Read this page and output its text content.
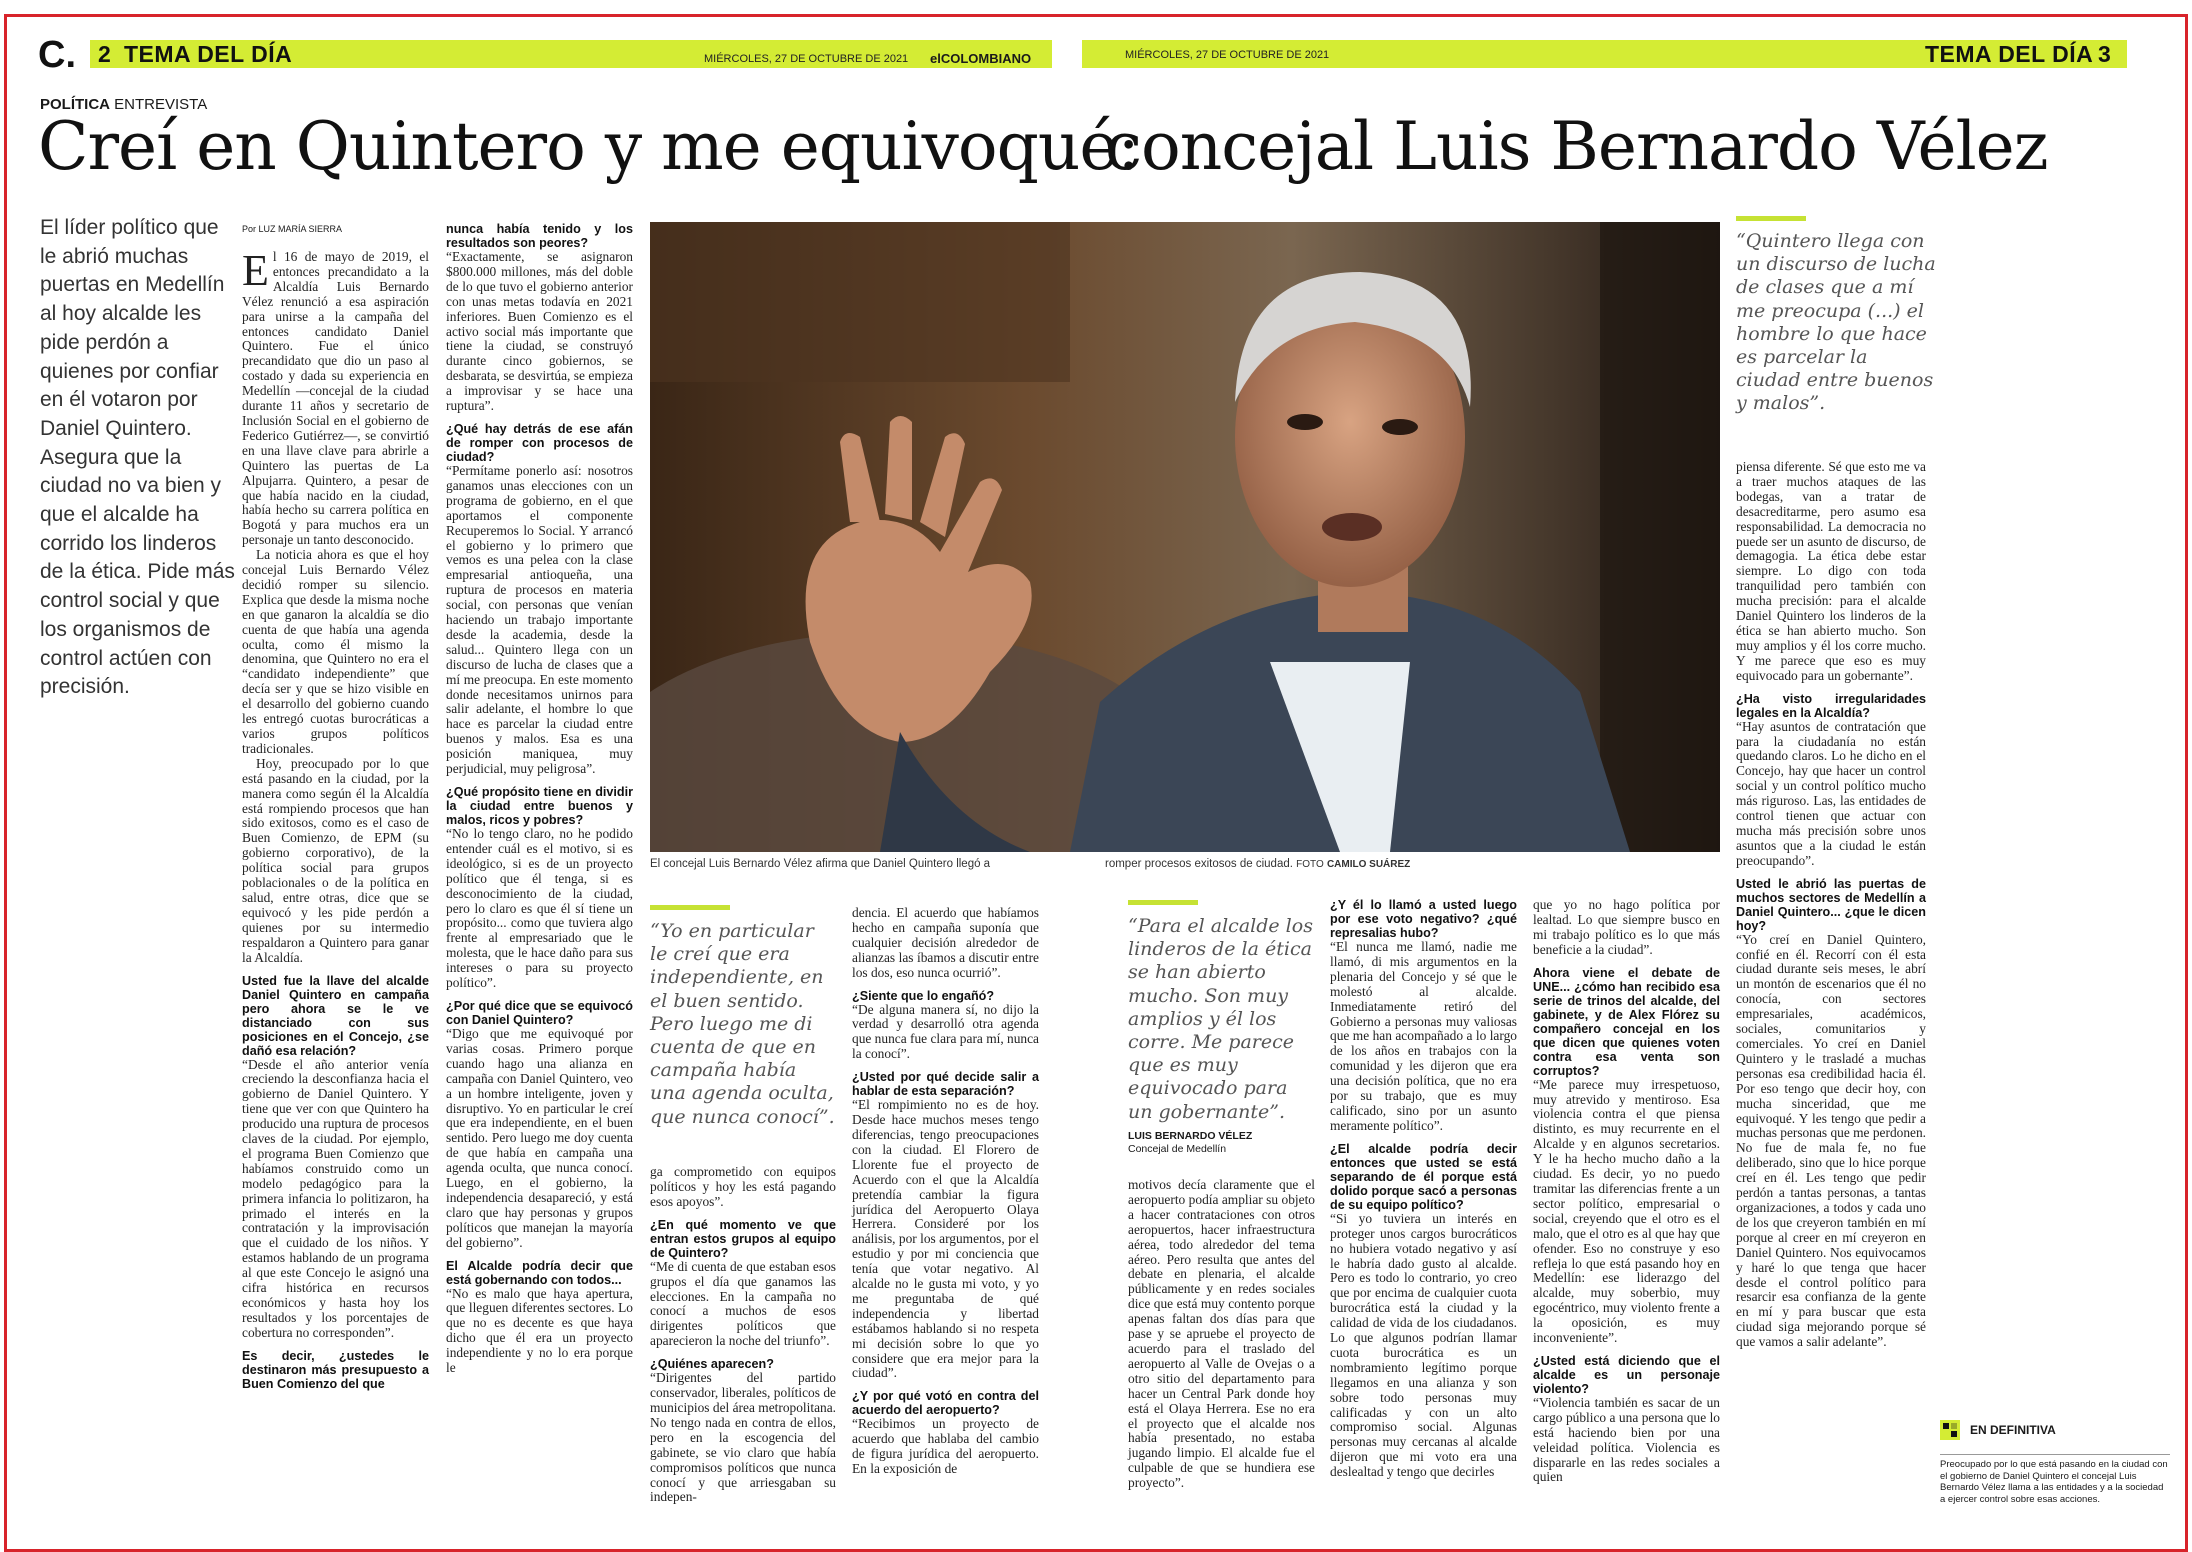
C. 2 TEMA DEL DÍA	MIÉRCOLES, 27 DE OCTUBRE DE 2021 elCOLOMBIANO	MIÉRCOLES, 27 DE OCTUBRE DE 2021	TEMA DEL DÍA 3
POLÍTICA ENTREVISTA
Creí en Quintero y me equivoqué:
concejal Luis Bernardo Vélez
El líder político que le abrió muchas puertas en Medellín al hoy alcalde les pide perdón a quienes por confiar en él votaron por Daniel Quintero. Asegura que la ciudad no va bien y que el alcalde ha corrido los linderos de la ética. Pide más control social y que los organismos de control actúen con precisión.
Por LUZ MARÍA SIERRA

El 16 de mayo de 2019, el entonces precandidato a la Alcaldía Luis Bernardo Vélez renunció a esa aspiración para unirse a la campaña del entonces candidato Daniel Quintero. Fue el único precandidato que dio un paso al costado y dada su experiencia en Medellín —concejal de la ciudad durante 11 años y secretario de Inclusión Social en el gobierno de Federico Gutiérrez—, se convirtió en una llave clave para abrirle a Quintero las puertas de La Alpujarra. Quintero, a pesar de que había nacido en la ciudad, había hecho su carrera política en Bogotá y para muchos era un personaje un tanto desconocido.

La noticia ahora es que el hoy concejal Luis Bernardo Vélez decidió romper su silencio. Explica que desde la misma noche en que ganaron la alcaldía se dio cuenta de que había una agenda oculta, como él mismo la denomina, que Quintero no era el “candidato independiente” que decía ser y que se hizo visible en el desarrollo del gobierno cuando les entregó cuotas burocráticas a varios grupos políticos tradicionales.

Hoy, preocupado por lo que está pasando en la ciudad, por la manera como según él la Alcaldía está rompiendo procesos que han sido exitosos, como es el caso de Buen Comienzo, de EPM (su gobierno corporativo), de la política social para grupos poblacionales o de la política en salud, entre otras, dice que se equivocó y les pide perdón a quienes por su intermedio respaldaron a Quintero para ganar la Alcaldía.

Usted fue la llave del alcalde Daniel Quintero en campaña pero ahora se le ve distanciado con sus posiciones en el Concejo, ¿se dañó esa relación?

“Desde el año anterior venía creciendo la desconfianza hacia el gobierno de Daniel Quintero. Y tiene que ver con que Quintero ha producido una ruptura de procesos claves de la ciudad. Por ejemplo, el programa Buen Comienzo que habíamos construido como un modelo pedagógico para la primera infancia lo politizaron, ha primado el interés en la contratación y la improvisación que el cuidado de los niños. Y estamos hablando de un programa al que este Concejo le asignó una cifra histórica en recursos económicos y hasta hoy los resultados y los porcentajes de cobertura no corresponden”.

Es decir, ¿ustedes le destinaron más presupuesto a Buen Comienzo del que

nunca había tenido y los resultados son peores?

“Exactamente, se asignaron $800.000 millones, más del doble de lo que tuvo el gobierno anterior con unas metas todavía en 2021 inferiores. Buen Comienzo es el activo social más importante que tiene la ciudad, se construyó durante cinco gobiernos, se desbarata, se desvirtúa, se empieza a improvisar y se hace una ruptura”.

¿Qué hay detrás de ese afán de romper con procesos de ciudad?

“Permítame ponerlo así: nosotros ganamos unas elecciones con un programa de gobierno, en el que aportamos el componente Recuperemos lo Social. Y arrancó el gobierno y lo primero que vemos es una pelea con la clase empresarial antioqueña, una ruptura de procesos en materia social, con personas que venían haciendo un trabajo importante desde la academia, desde la salud... Quintero llega con un discurso de lucha de clases que a mí me preocupa. En este momento donde necesitamos unirnos para salir adelante, el hombre lo que hace es parcelar la ciudad entre buenos y malos. Esa es una posición maniquea, muy perjudicial, muy peligrosa”.

¿Qué propósito tiene en dividir la ciudad entre buenos y malos, ricos y pobres?

“No lo tengo claro, no he podido entender cuál es el motivo, si es ideológico, si es de un proyecto político que él tenga, si es desconocimiento de la ciudad, pero lo claro es que él sí tiene un propósito... como que tuviera algo frente al empresariado que le molesta, que le hace daño para sus intereses o para su proyecto político”.

¿Por qué dice que se equivocó con Daniel Quintero?

“Digo que me equivoqué por varias cosas. Primero porque cuando hago una alianza en campaña con Daniel Quintero, veo a un hombre inteligente, joven y disruptivo. Yo en particular le creí que era independiente, en el buen sentido. Pero luego me doy cuenta de que había en campaña una agenda oculta, que nunca conocí. Luego, en el gobierno, la independencia desapareció, y está claro que hay personas y grupos políticos que manejan la mayoría del gobierno”.

El Alcalde podría decir que está gobernando con todos...

“No es malo que haya apertura, que lleguen diferentes sectores. Lo que no es decente es que haya dicho que él era un proyecto independiente y no lo era porque le

El concejal Luis Bernardo Vélez afirma que Daniel Quintero llegó a	romper procesos exitosos de ciudad. FOTO CAMILO SUÁREZ
“Yo en particular le creí que era independiente, en el buen sentido. Pero luego me di cuenta de que en campaña había una agenda oculta, que nunca conocí”.

ga comprometido con equipos políticos y hoy les está pagando esos apoyos”.

¿En qué momento ve que entran estos grupos al equipo de Quintero?

“Me di cuenta de que estaban esos grupos el día que ganamos las elecciones. En la campaña no conocí a muchos de esos dirigentes políticos que aparecieron la noche del triunfo”.

¿Quiénes aparecen?

“Dirigentes del partido conservador, liberales, políticos de municipios del área metropolitana. No tengo nada en contra de ellos, pero en la escogencia del gabinete, se vio claro que había compromisos políticos que nunca conocí y que arriesgaban su indepen-

dencia. El acuerdo que habíamos hecho en campaña suponía que cualquier decisión alrededor de alianzas las íbamos a discutir entre los dos, eso nunca ocurrió”.

¿Siente que lo engañó?

“De alguna manera sí, no dijo la verdad y desarrolló otra agenda que nunca fue clara para mí, nunca la conocí”.

¿Usted por qué decide salir a hablar de esta separación?

“El rompimiento no es de hoy. Desde hace muchos meses tengo diferencias, tengo preocupaciones con la ciudad. El Florero de Llorente fue el proyecto de Acuerdo con el que la Alcaldía pretendía cambiar la figura jurídica del Aeropuerto Olaya Herrera. Consideré por los análisis, por los argumentos, por el estudio y por mi conciencia que tenía que votar negativo. Al alcalde no le gusta mi voto, y yo me preguntaba de qué independencia y libertad estábamos hablando si no respeta mi decisión sobre lo que yo considere que era mejor para la ciudad”.

¿Y por qué votó en contra del acuerdo del aeropuerto?

“Recibimos un proyecto de acuerdo que hablaba del cambio de figura jurídica del aeropuerto. En la exposición de

“Para el alcalde los linderos de la ética se han abierto mucho. Son muy amplios y él los corre. Me parece que es muy equivocado para un gobernante”.
LUIS BERNARDO VÉLEZ
Concejal de Medellín

motivos decía claramente que el aeropuerto podía ampliar su objeto a hacer contrataciones con otros aeropuertos, hacer infraestructura aérea, todo alrededor del tema aéreo. Pero resulta que antes del debate en plenaria, el alcalde públicamente y en redes sociales dice que está muy contento porque apenas faltan dos días para que pase y se apruebe el proyecto de acuerdo para el traslado del aeropuerto al Valle de Ovejas o a otro sitio del departamento para hacer un Central Park donde hoy está el Olaya Herrera. Ese no era el proyecto que el alcalde nos había presentado, no estaba jugando limpio. El alcalde fue el culpable de que se hundiera ese proyecto”.

¿Y él lo llamó a usted luego por ese voto negativo? ¿qué represalias hubo?

“El nunca me llamó, nadie me llamó, di mis argumentos en la plenaria del Concejo y sé que le molestó al alcalde. Inmediatamente retiró del Gobierno a personas muy valiosas que me han acompañado a lo largo de los años en trabajos con la comunidad y les dijeron que era una decisión política, que no era por su trabajo, que es muy calificado, sino por un asunto meramente político”.

¿El alcalde podría decir entonces que usted se está separando de él porque está dolido porque sacó a personas de su equipo político?

“Si yo tuviera un interés en proteger unos cargos burocráticos no hubiera votado negativo y así le habría dado gusto al alcalde. Pero es todo lo contrario, yo creo que por encima de cualquier cuota burocrática está la ciudad y la calidad de vida de los ciudadanos. Lo que algunos podrían llamar cuota burocrática es un nombramiento legítimo porque llegamos en una alianza y son sobre todo personas muy calificadas y con un alto compromiso social. Algunas personas muy cercanas al alcalde dijeron que mi voto era una deslealtad y tengo que decirles

que yo no hago política por lealtad. Lo que siempre busco en mi trabajo político es lo que más beneficie a la ciudad”.

Ahora viene el debate de UNE... ¿cómo han recibido esa serie de trinos del alcalde, del gabinete, y de Alex Flórez su compañero concejal en los que dicen que quienes voten contra esa venta son corruptos?

“Me parece muy irrespetuoso, muy atrevido y mentiroso. Esa violencia contra el que piensa distinto, es muy recurrente en el Alcalde y en algunos secretarios. Y le ha hecho mucho daño a la ciudad. Es decir, yo no puedo tramitar las diferencias frente a un sector político, empresarial o social, creyendo que el otro es el malo, que el otro es al que hay que ofender. Eso no construye y eso refleja lo que está pasando hoy en Medellín: ese liderazgo del alcalde, muy soberbio, muy egocéntrico, muy violento frente a la oposición, es muy inconveniente”.

¿Usted está diciendo que el alcalde es un personaje violento?

“Violencia también es sacar de un cargo público a una persona que lo está haciendo bien por una veleidad política. Violencia es dispararle en las redes sociales a quien

“Quintero llega con un discurso de lucha de clases que a mí me preocupa (...) el hombre lo que hace es parcelar la ciudad entre buenos y malos”.

piensa diferente. Sé que esto me va a traer muchos ataques de las bodegas, van a tratar de desacreditarme, pero asumo esa responsabilidad. La democracia no puede ser un asunto de discurso, de demagogia. La ética debe estar siempre. Lo digo con toda tranquilidad pero también con mucha precisión: para el alcalde Daniel Quintero los linderos de la ética se han abierto mucho. Son muy amplios y él los corre mucho. Y me parece que eso es muy equivocado para un gobernante”.

¿Ha visto irregularidades legales en la Alcaldía?

“Hay asuntos de contratación que para la ciudadanía no están quedando claros. Lo he dicho en el Concejo, hay que hacer un control social y un control político mucho más riguroso. Las, las entidades de control tienen que actuar con mucha más precisión sobre unos asuntos que a la ciudad le están preocupando”.

Usted le abrió las puertas de muchos sectores de Medellín a Daniel Quintero... ¿que le dicen hoy?

“Yo creí en Daniel Quintero, confié en él. Recorrí con él esta ciudad durante seis meses, le abrí un montón de escenarios que él no conocía, con sectores empresariales, académicos, sociales, comunitarios y comerciales. Yo creí en Daniel Quintero y le trasladé a muchas personas esa credibilidad hacia él. Por eso tengo que decir hoy, con mucha sinceridad, que me equivoqué. Y les tengo que pedir a muchas personas que me perdonen. No fue de mala fe, no fue deliberado, sino que lo hice porque creí en él. Les tengo que pedir perdón a tantas personas, a tantas organizaciones, a todos y cada uno de los que creyeron también en mí porque al creer en mí creyeron en Daniel Quintero. Nos equivocamos y haré lo que tenga que hacer desde el control político para resarcir esa confianza de la gente en mí y para buscar que esta ciudad siga mejorando porque sé que vamos a salir adelante”.

EN DEFINITIVA
Preocupado por lo que está pasando en la ciudad con el gobierno de Daniel Quintero el concejal Luis Bernardo Vélez llama a las entidades y a la sociedad a ejercer control sobre esas acciones.
